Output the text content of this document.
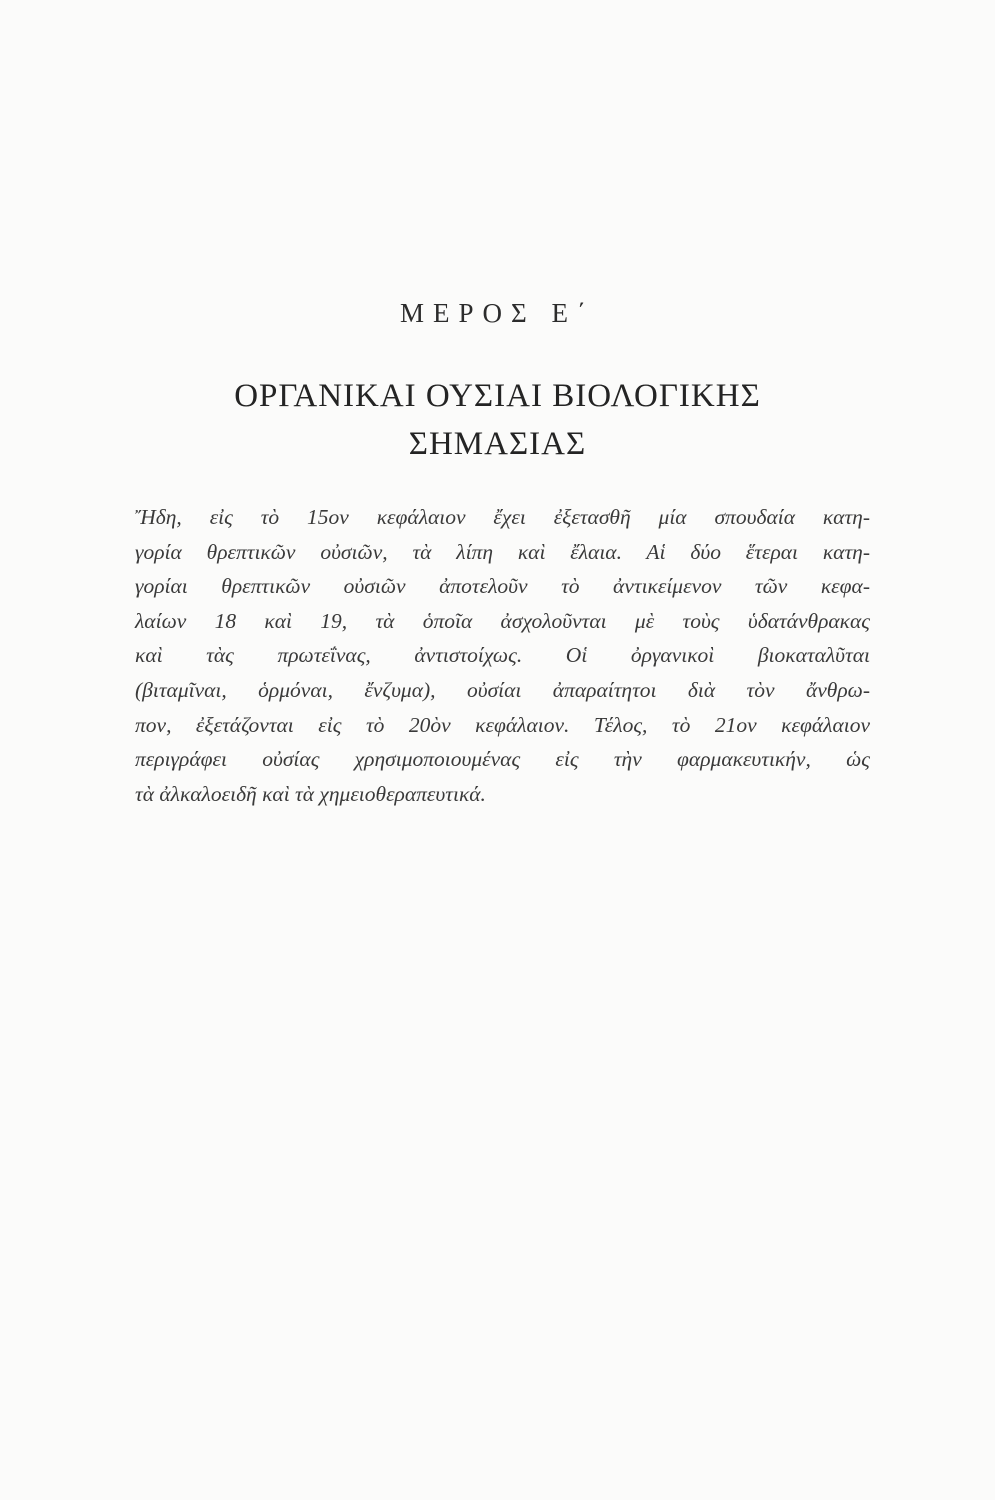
ΜΕΡΟΣ Ε΄
ΟΡΓΑΝΙΚΑΙ ΟΥΣΙΑΙ ΒΙΟΛΟΓΙΚΗΣ
ΣΗΜΑΣΙΑΣ
Ἤδη, εἰς τὸ 15ον κεφάλαιον ἔχει ἐξετασθῆ μία σπουδαία κατη-
γορία θρεπτικῶν οὐσιῶν, τὰ λίπη καὶ ἔλαια. Αἱ δύο ἕτεραι κατη-
γορίαι θρεπτικῶν οὐσιῶν ἀποτελοῦν τὸ ἀντικείμενον τῶν κεφα-
λαίων 18 καὶ 19, τὰ ὁποῖα ἀσχολοῦνται μὲ τοὺς ὑδατάνθρακας
καὶ τὰς πρωτεΐνας, ἀντιστοίχως. Οἱ ὀργανικοὶ βιοκαταλῦται
(βιταμῖναι, ὁρμόναι, ἔνζυμα), οὐσίαι ἀπαραίτητοι διὰ τὸν ἄνθρω-
πον, ἐξετάζονται εἰς τὸ 20ὸν κεφάλαιον. Τέλος, τὸ 21ον κεφάλαιον
περιγράφει οὐσίας χρησιμοποιουμένας εἰς τὴν φαρμακευτικήν, ὡς
τὰ ἀλκαλοειδῆ καὶ τὰ χημειοθεραπευτικά.
